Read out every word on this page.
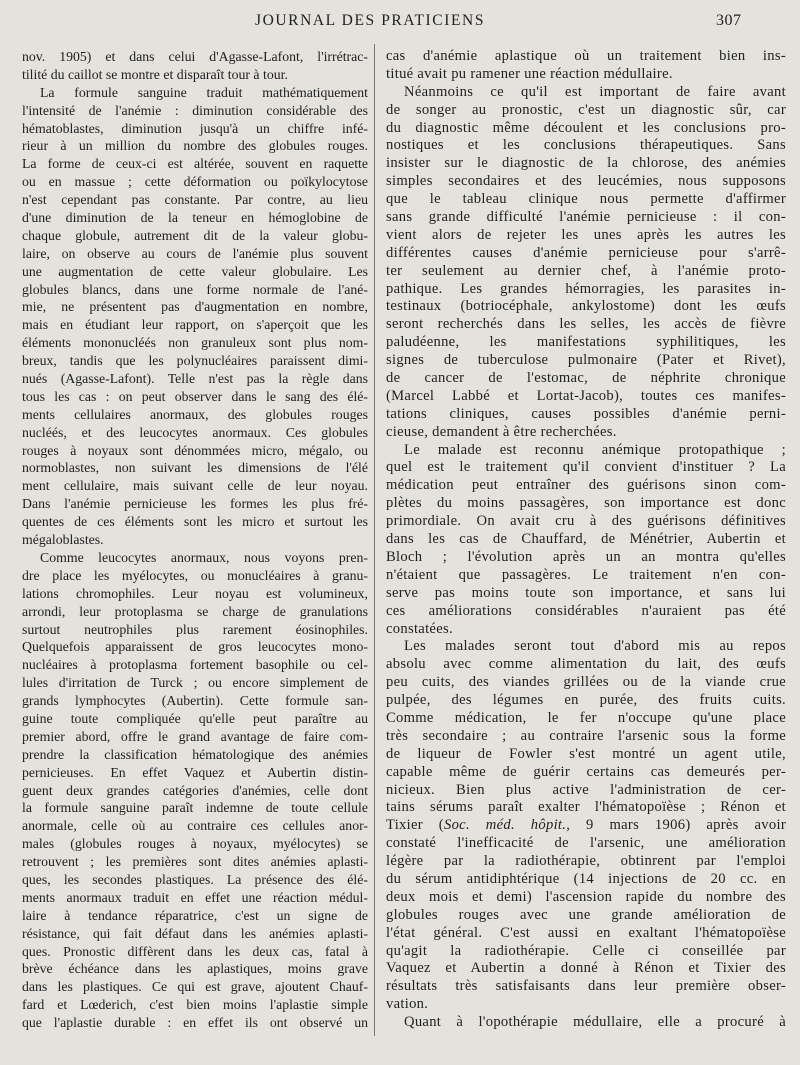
JOURNAL DES PRATICIENS	307
nov. 1905) et dans celui d'Agasse-Lafont, l'irrétrac-
tilité du caillot se montre et disparaît tour à tour.
La formule sanguine traduit mathématiquement
l'intensité de l'anémie : diminution considérable des
hématoblastes, diminution jusqu'à un chiffre infé-
rieur à un million du nombre des globules rouges.
La forme de ceux-ci est altérée, souvent en raquette
ou en massue ; cette déformation ou poïkylocytose
n'est cependant pas constante. Par contre, au lieu
d'une diminution de la teneur en hémoglobine de
chaque globule, autrement dit de la valeur globu-
laire, on observe au cours de l'anémie plus souvent
une augmentation de cette valeur globulaire. Les
globules blancs, dans une forme normale de l'ané-
mie, ne présentent pas d'augmentation en nombre,
mais en étudiant leur rapport, on s'aperçoit que les
éléments mononucléés non granuleux sont plus nom-
breux, tandis que les polynucléaires paraissent dimi-
nués (Agasse-Lafont). Telle n'est pas la règle dans
tous les cas : on peut observer dans le sang des élé-
ments cellulaires anormaux, des globules rouges
nucléés, et des leucocytes anormaux. Ces globules
rouges à noyaux sont dénommées micro, mégalo, ou
normoblastes, non suivant les dimensions de l'élé
ment cellulaire, mais suivant celle de leur noyau.
Dans l'anémie pernicieuse les formes les plus fré-
quentes de ces éléments sont les micro et surtout les
mégaloblastes.
Comme leucocytes anormaux, nous voyons pren-
dre place les myélocytes, ou monucléaires à granu-
lations chromophiles. Leur noyau est volumineux,
arrondi, leur protoplasma se charge de granulations
surtout neutrophiles plus rarement éosinophiles.
Quelquefois apparaissent de gros leucocytes mono-
nucléaires à protoplasma fortement basophile ou cel-
lules d'irritation de Turck ; ou encore simplement de
grands lymphocytes (Aubertin). Cette formule san-
guine toute compliquée qu'elle peut paraître au
premier abord, offre le grand avantage de faire com-
prendre la classification hématologique des anémies
pernicieuses. En effet Vaquez et Aubertin distin-
guent deux grandes catégories d'anémies, celle dont
la formule sanguine paraît indemne de toute cellule
anormale, celle où au contraire ces cellules anor-
males (globules rouges à noyaux, myélocytes) se
retrouvent ; les premières sont dites anémies aplasti-
ques, les secondes plastiques. La présence des élé-
ments anormaux traduit en effet une réaction médul-
laire à tendance réparatrice, c'est un signe de
résistance, qui fait défaut dans les anémies aplasti-
ques. Pronostic diffèrent dans les deux cas, fatal à
brève échéance dans les aplastiques, moins grave
dans les plastiques. Ce qui est grave, ajoutent Chauf-
fard et Lœderich, c'est bien moins l'aplastie simple
que l'aplastie durable : en effet ils ont observé un
cas d'anémie aplastique où un traitement bien ins-
titué avait pu ramener une réaction médullaire.
Néanmoins ce qu'il est important de faire avant
de songer au pronostic, c'est un diagnostic sûr, car
du diagnostic même découlent et les conclusions pro-
nostiques et les conclusions thérapeutiques. Sans
insister sur le diagnostic de la chlorose, des anémies
simples secondaires et des leucémies, nous supposons
que le tableau clinique nous permette d'affirmer
sans grande difficulté l'anémie pernicieuse : il con-
vient alors de rejeter les unes après les autres les
différentes causes d'anémie pernicieuse pour s'arrê-
ter seulement au dernier chef, à l'anémie proto-
pathique. Les grandes hémorragies, les parasites in-
testinaux (botriocéphale, ankylostome) dont les œufs
seront recherchés dans les selles, les accès de fièvre
paludéenne, les manifestations syphilitiques, les
signes de tuberculose pulmonaire (Pater et Rivet),
de cancer de l'estomac, de néphrite chronique
(Marcel Labbé et Lortat-Jacob), toutes ces manifes-
tations cliniques, causes possibles d'anémie perni-
cieuse, demandent à être recherchées.
Le malade est reconnu anémique protopathique ;
quel est le traitement qu'il convient d'instituer ? La
médication peut entraîner des guérisons sinon com-
plètes du moins passagères, son importance est donc
primordiale. On avait cru à des guérisons définitives
dans les cas de Chauffard, de Ménétrier, Aubertin et
Bloch ; l'évolution après un an montra qu'elles
n'étaient que passagères. Le traitement n'en con-
serve pas moins toute son importance, et sans lui
ces améliorations considérables n'auraient pas été
constatées.
Les malades seront tout d'abord mis au repos
absolu avec comme alimentation du lait, des œufs
peu cuits, des viandes grillées ou de la viande crue
pulpée, des légumes en purée, des fruits cuits.
Comme médication, le fer n'occupe qu'une place
très secondaire ; au contraire l'arsenic sous la forme
de liqueur de Fowler s'est montré un agent utile,
capable même de guérir certains cas demeurés per-
nicieux. Bien plus active l'administration de cer-
tains sérums paraît exalter l'hématopoïèse ; Rénon et
Tixier (Soc. méd. hôpit., 9 mars 1906) après avoir
constaté l'inefficacité de l'arsenic, une amélioration
légère par la radiothérapie, obtinrent par l'emploi
du sérum antidiphtérique (14 injections de 20 cc. en
deux mois et demi) l'ascension rapide du nombre des
globules rouges avec une grande amélioration de
l'état général. C'est aussi en exaltant l'hématopoïèse
qu'agit la radiothérapie. Celle ci conseillée par
Vaquez et Aubertin a donné à Rénon et Tixier des
résultats très satisfaisants dans leur première obser-
vation.
Quant à l'opothérapie médullaire, elle a procuré à
